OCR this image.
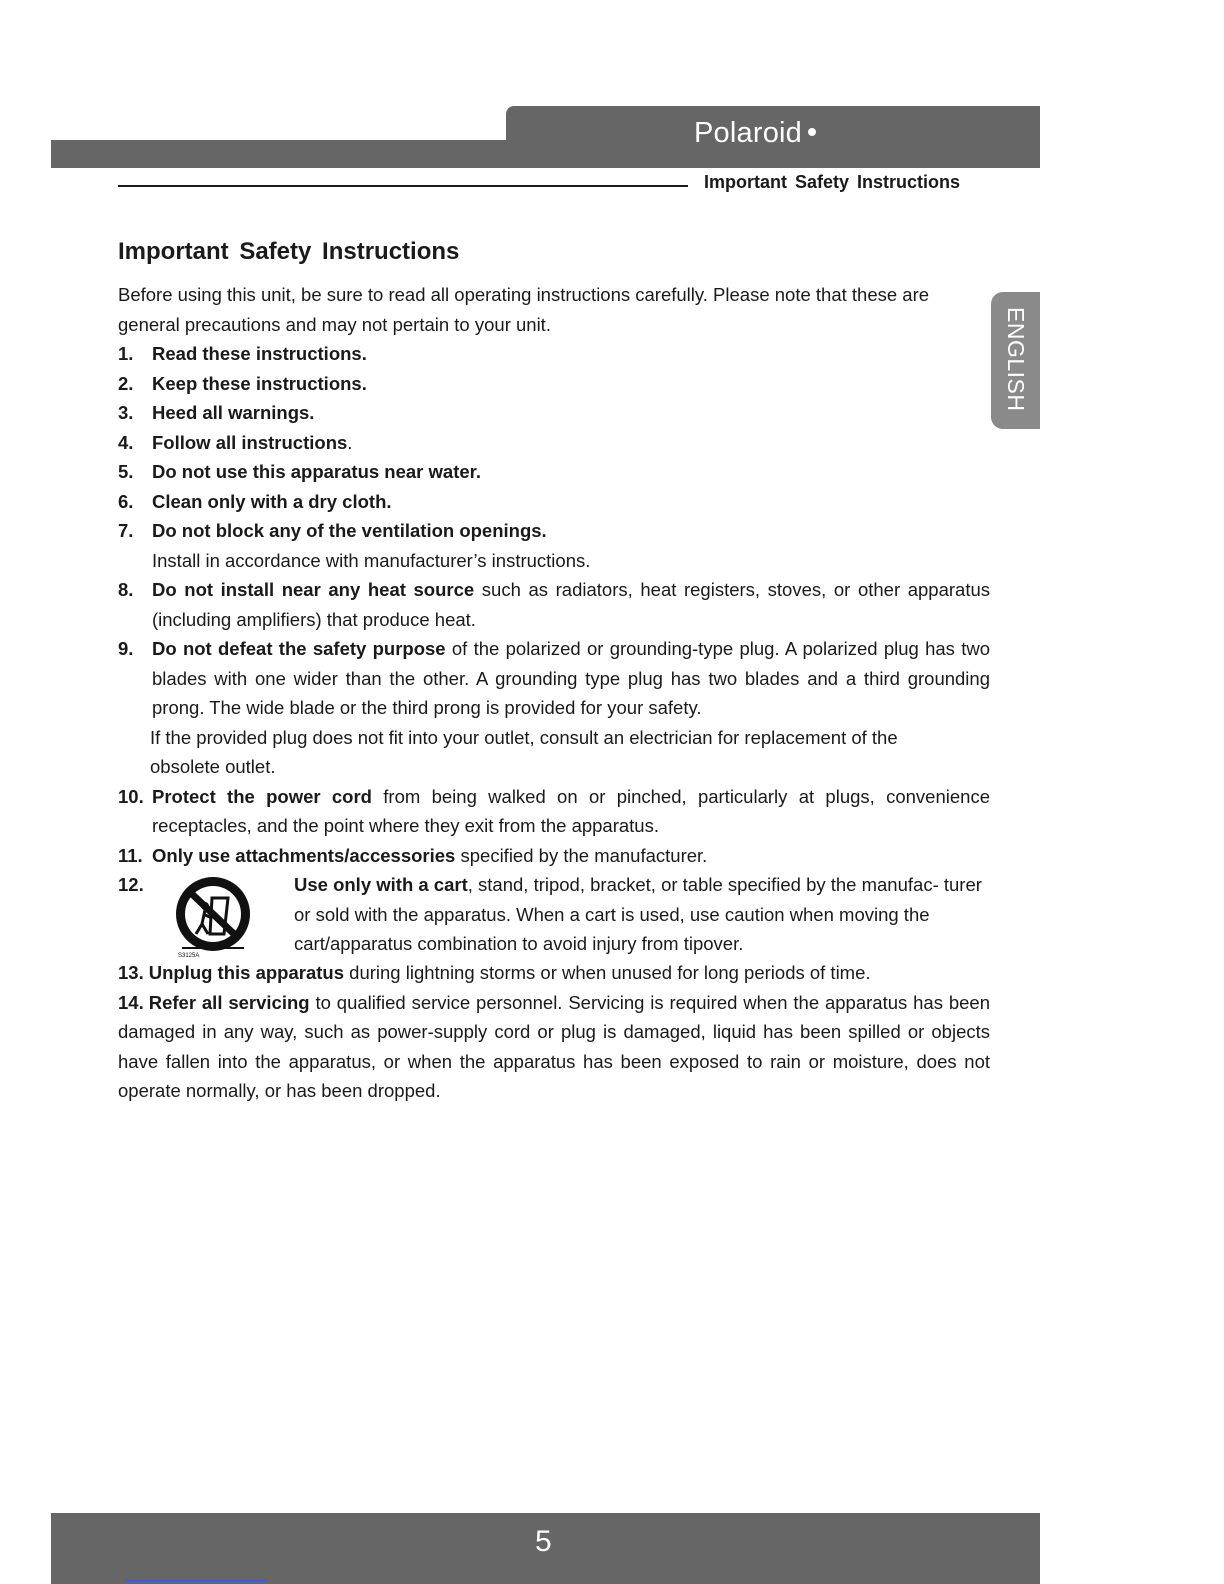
Polaroid
Important Safety Instructions
ENGLISH
Important Safety Instructions

Before using this unit, be sure to read all operating instructions carefully. Please note that these are general precautions and may not pertain to your unit.

1. Read these instructions.

2. Keep these instructions.

3. Heed all warnings.

4. Follow all instructions.

5. Do not use this apparatus near water.

6. Clean only with a dry cloth.

7. Do not block any of the ventilation openings.

Install in accordance with manufacturer’s instructions.

8. Do not install near any heat source such as radiators, heat registers, stoves, or other apparatus (including amplifiers) that produce heat.

9. Do not defeat the safety purpose of the polarized or grounding-type plug. A polarized plug has two blades with one wider than the other. A grounding type plug has two blades and a third grounding prong. The wide blade or the third prong is provided for your safety.

If the provided plug does not fit into your outlet, consult an electrician for replacement of the obsolete outlet.

10. Protect the power cord from being walked on or pinched, particularly at plugs, convenience receptacles, and the point where they exit from the apparatus.

11. Only use attachments/accessories specified by the manufacturer.

12.
S3125A

Use only with a cart, stand, tripod, bracket, or table specified by the manufac- turer or sold with the apparatus. When a cart is used, use caution when moving the cart/apparatus combination to avoid injury from tipover.

13. Unplug this apparatus during lightning storms or when unused for long periods of time.

14. Refer all servicing to qualified service personnel. Servicing is required when the apparatus has been damaged in any way, such as power-supply cord or plug is damaged, liquid has been spilled or objects have fallen into the apparatus, or when the apparatus has been exposed to rain or moisture, does not operate normally, or has been dropped.

5
